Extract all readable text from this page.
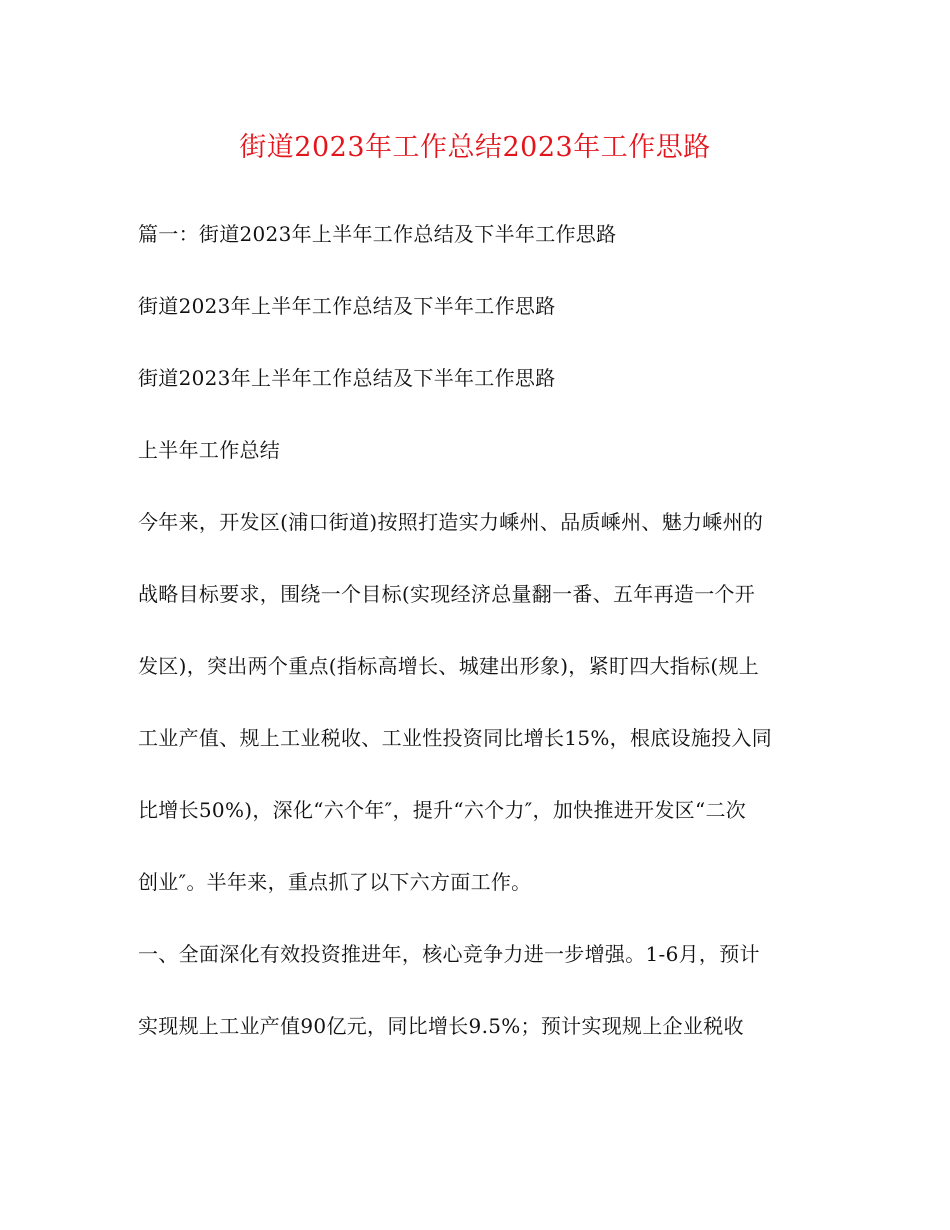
街道2023年工作总结2023年工作思路
篇一：街道2023年上半年工作总结及下半年工作思路
街道2023年上半年工作总结及下半年工作思路
街道2023年上半年工作总结及下半年工作思路
上半年工作总结
今年来，开发区(浦口街道)按照打造实力嵊州、品质嵊州、魅力嵊州的
战略目标要求，围绕一个目标(实现经济总量翻一番、五年再造一个开
发区)，突出两个重点(指标高增长、城建出形象)，紧盯四大指标(规上
工业产值、规上工业税收、工业性投资同比增长15%，根底设施投入同
比增长50%)，深化“六个年″，提升“六个力″，加快推进开发区“二次
创业″。半年来，重点抓了以下六方面工作。
一、全面深化有效投资推进年，核心竞争力进一步增强。1-6月，预计
实现规上工业产值90亿元，同比增长9.5%；预计实现规上企业税收
